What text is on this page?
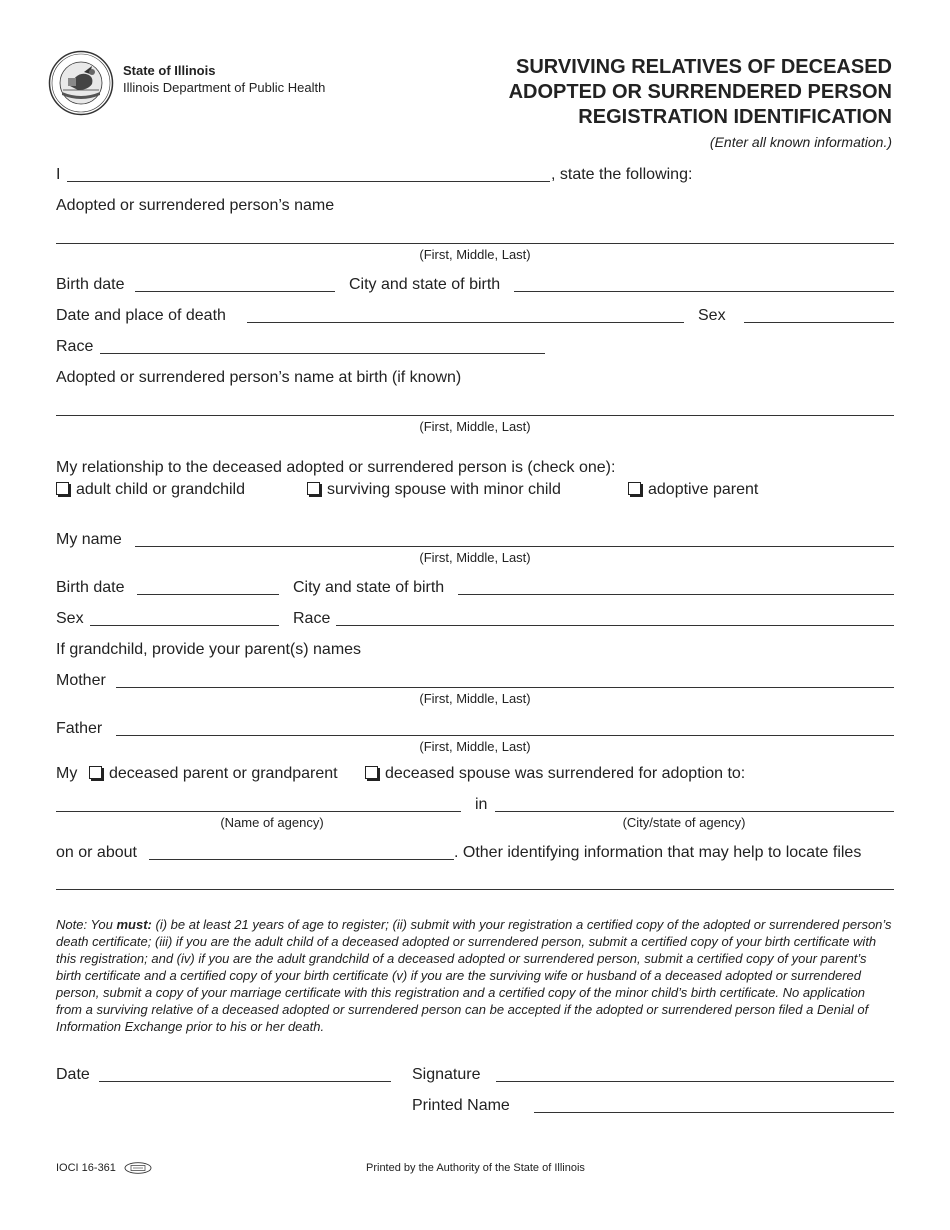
State of Illinois
Illinois Department of Public Health
SURVIVING RELATIVES OF DECEASED
ADOPTED OR SURRENDERED PERSON
REGISTRATION IDENTIFICATION
(Enter all known information.)
I	, state the following:
Adopted or surrendered person’s name
(First, Middle, Last)
Birth date	City and state of birth
Date and place of death	Sex
Race
Adopted or surrendered person’s name at birth (if known)
(First, Middle, Last)
My relationship to the deceased adopted or surrendered person is (check one):
adult child or grandchild	surviving spouse with minor child	adoptive parent
My name
(First, Middle, Last)
Birth date	City and state of birth
Sex	Race
If grandchild, provide your parent(s) names
Mother
(First, Middle, Last)
Father
(First, Middle, Last)
My	deceased parent or grandparent	deceased spouse was surrendered for adoption to:
in
(Name of agency)	(City/state of agency)
on or about	. Other identifying information that may help to locate files
Note: You must: (i) be at least 21 years of age to register; (ii) submit with your registration a certified copy of the adopted or surrendered person’s death certificate; (iii) if you are the adult child of a deceased adopted or surrendered person, submit a certified copy of your birth certificate with this registration; and (iv) if you are the adult grandchild of a deceased adopted or surrendered person, submit a certified copy of your parent’s birth certificate and a certified copy of your birth certificate (v) if you are the surviving wife or husband of a deceased adopted or surrendered person, submit a copy of your marriage certificate with this registration and a certified copy of the minor child’s birth certificate. No application from a surviving relative of a deceased adopted or surrendered person can be accepted if the adopted or surrendered person filed a Denial of Information Exchange prior to his or her death.
Date	Signature
Printed Name
IOCI 16-361	Printed by the Authority of the State of Illinois
